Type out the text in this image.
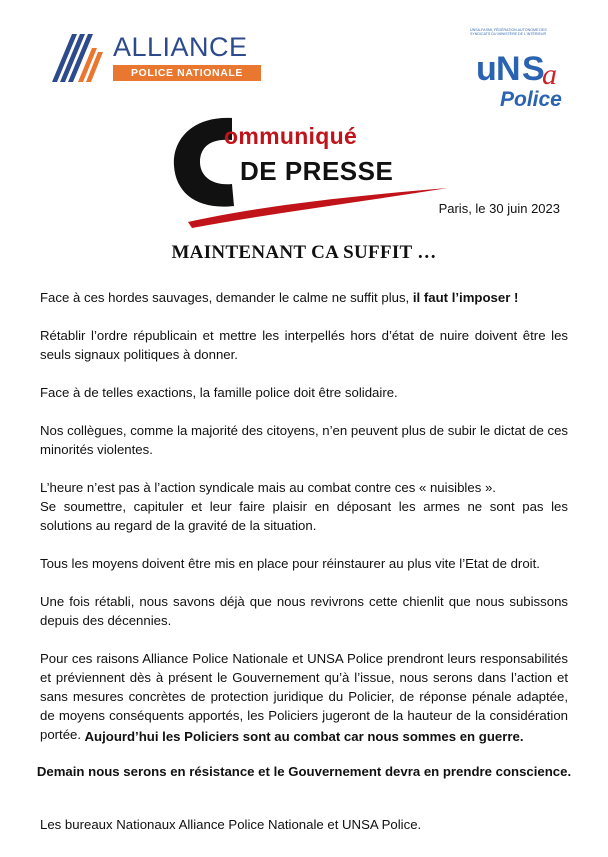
ALLIANCE
POLICE NATIONALE
UNSA-FASMI, FÉDÉRATION AUTONOME DES SYNDICATS DU MINISTÈRE DE L'INTÉRIEUR
u N S
a
Police
ommuniqué
DE PRESSE
Paris, le 30 juin 2023
MAINTENANT CA SUFFIT …

Face à ces hordes sauvages, demander le calme ne suffit plus, il faut l’imposer !

Rétablir l’ordre républicain et mettre les interpellés hors d’état de nuire doivent être les seuls signaux politiques à donner.

Face à de telles exactions, la famille police doit être solidaire.

Nos collègues, comme la majorité des citoyens, n’en peuvent plus de subir le dictat de ces minorités violentes.

L’heure n’est pas à l’action syndicale mais au combat contre ces « nuisibles ».

Se soumettre, capituler et leur faire plaisir en déposant les armes ne sont pas les solutions au regard de la gravité de la situation.

Tous les moyens doivent être mis en place pour réinstaurer au plus vite l’Etat de droit.

Une fois rétabli, nous savons déjà que nous revivrons cette chienlit que nous subissons depuis des décennies.

Pour ces raisons Alliance Police Nationale et UNSA Police prendront leurs responsabilités et préviennent dès à présent le Gouvernement qu’à l’issue, nous serons dans l’action et sans mesures concrètes de protection juridique du Policier, de réponse pénale adaptée, de moyens conséquents apportés, les Policiers jugeront de la hauteur de la considération portée. Aujourd’hui les Policiers sont au combat car nous sommes en guerre.
Demain nous serons en résistance et le Gouvernement devra en prendre conscience.
Les bureaux Nationaux Alliance Police Nationale et UNSA Police.
